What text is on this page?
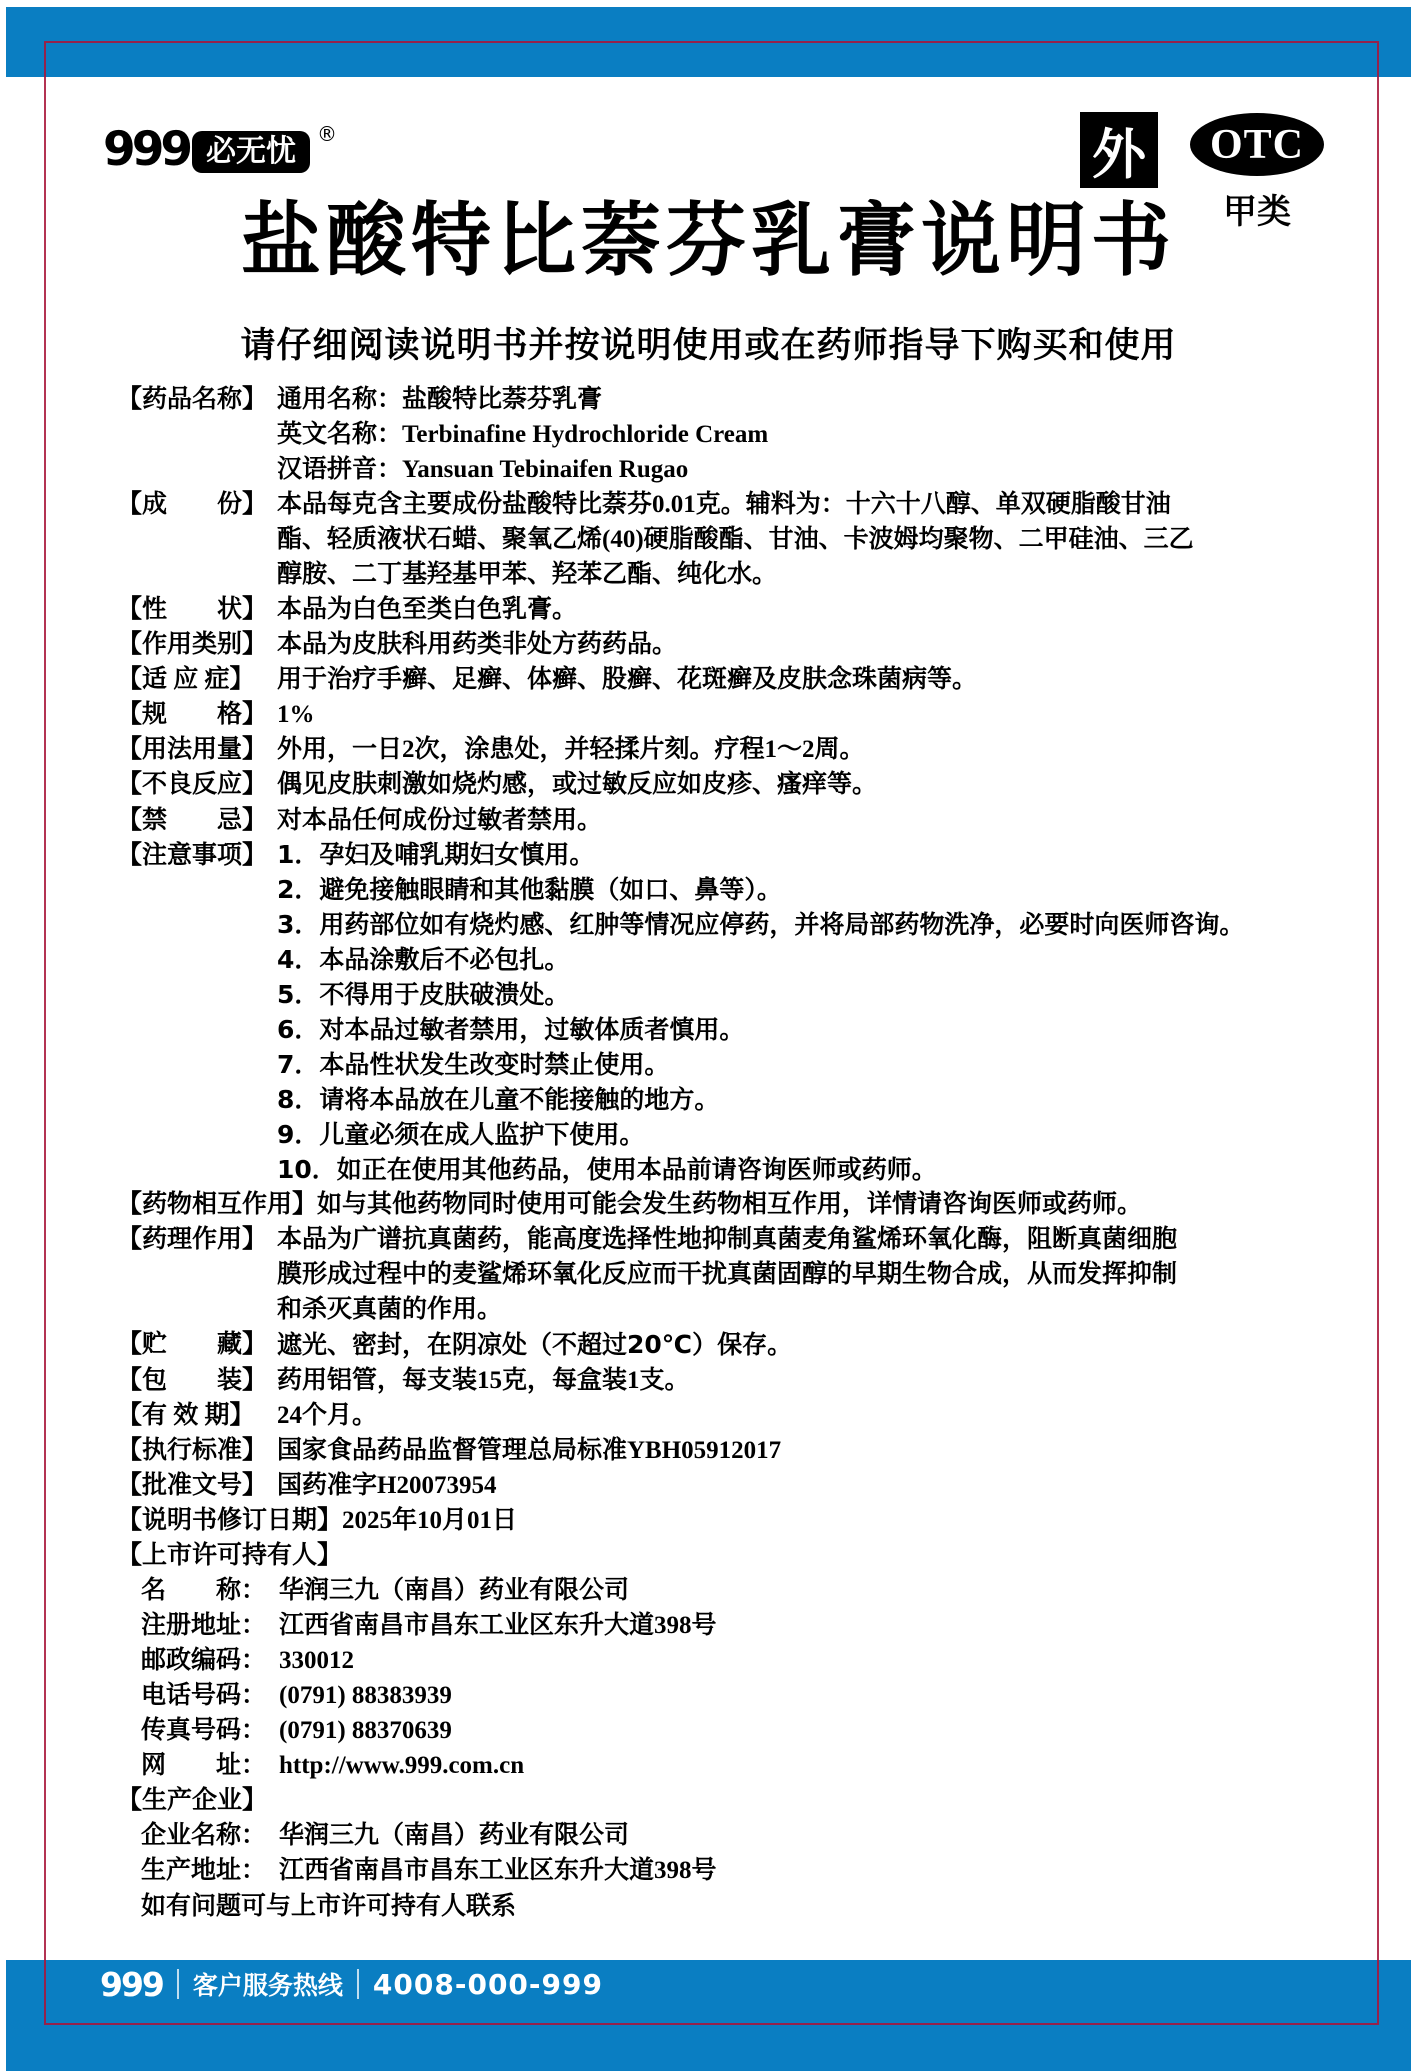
999 必无忧	®	外	OTC
甲类
盐酸特比萘芬乳膏说明书
请仔细阅读说明书并按说明使用或在药师指导下购买和使用
【药品名称】 通用名称：盐酸特比萘芬乳膏
英文名称：Terbinafine Hydrochloride Cream
汉语拼音：Yansuan Tebinaifen Rugao
【成　　份】 本品每克含主要成份盐酸特比萘芬0.01克。辅料为：十六十八醇、单双硬脂酸甘油
酯、轻质液状石蜡、聚氧乙烯(40)硬脂酸酯、甘油、卡波姆均聚物、二甲硅油、三乙
醇胺、二丁基羟基甲苯、羟苯乙酯、纯化水。
【性　　状】 本品为白色至类白色乳膏。
【作用类别】 本品为皮肤科用药类非处方药药品。
【适 应 症】 用于治疗手癣、足癣、体癣、股癣、花斑癣及皮肤念珠菌病等。
【规　　格】 1%
【用法用量】 外用，一日2次，涂患处，并轻揉片刻。疗程1～2周。
【不良反应】 偶见皮肤刺激如烧灼感，或过敏反应如皮疹、瘙痒等。
【禁　　忌】 对本品任何成份过敏者禁用。
【注意事项】 1．孕妇及哺乳期妇女慎用。
2．避免接触眼睛和其他黏膜（如口、鼻等）。
3．用药部位如有烧灼感、红肿等情况应停药，并将局部药物洗净，必要时向医师咨询。
4．本品涂敷后不必包扎。
5．不得用于皮肤破溃处。
6．对本品过敏者禁用，过敏体质者慎用。
7．本品性状发生改变时禁止使用。
8．请将本品放在儿童不能接触的地方。
9．儿童必须在成人监护下使用。
10．如正在使用其他药品，使用本品前请咨询医师或药师。
【药物相互作用】 如与其他药物同时使用可能会发生药物相互作用，详情请咨询医师或药师。
【药理作用】 本品为广谱抗真菌药，能高度选择性地抑制真菌麦角鲨烯环氧化酶，阻断真菌细胞
膜形成过程中的麦鲨烯环氧化反应而干扰真菌固醇的早期生物合成，从而发挥抑制
和杀灭真菌的作用。
【贮　　藏】 遮光、密封，在阴凉处（不超过20℃）保存。
【包　　装】 药用铝管，每支装15克，每盒装1支。
【有 效 期】 24个月。
【执行标准】 国家食品药品监督管理总局标准YBH05912017
【批准文号】 国药准字H20073954
【说明书修订日期】 2025年10月01日
【上市许可持有人】
名　　称： 华润三九（南昌）药业有限公司
注册地址： 江西省南昌市昌东工业区东升大道398号
邮政编码： 330012
电话号码： (0791) 88383939
传真号码： (0791) 88370639
网　　址： http://www.999.com.cn
【生产企业】
企业名称： 华润三九（南昌）药业有限公司
生产地址： 江西省南昌市昌东工业区东升大道398号
如有问题可与上市许可持有人联系
999 客户服务热线 4008-000-999
